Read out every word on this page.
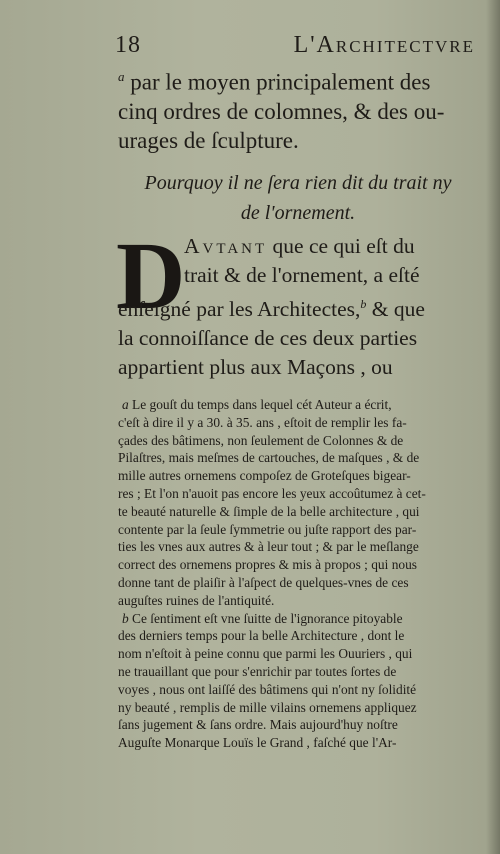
18	L'Architectvre
$^a$ par le moyen principalement des
cinq ordres de colomnes, & des ou-
urages de ſculpture.
Pourquoy il ne ſera rien dit du trait ny
de l'ornement.
D
Avtant que ce qui eſt du
trait & de l'ornement, a eſté
enſeigné par les Architectes,$^b$ & que
la connoiſſance de ces deux parties
appartient plus aux Maçons , ou
a Le gouſt du temps dans lequel cét Auteur a écrit,
c'eſt à dire il y a 30. à 35. ans , eſtoit de remplir les fa-
çades des bâtimens, non ſeulement de Colonnes & de
Pilaſtres, mais meſmes de cartouches, de maſques , & de
mille autres ornemens compoſez de Groteſques bigear-
res ; Et l'on n'auoit pas encore les yeux accoûtumez à cet-
te beauté naturelle & ſimple de la belle architecture , qui
contente par la ſeule ſymmetrie ou juſte rapport des par-
ties les vnes aux autres & à leur tout ; & par le meſlange
correct des ornemens propres & mis à propos ; qui nous
donne tant de plaiſir à l'aſpect de quelques-vnes de ces
auguſtes ruines de l'antiquité.
b Ce ſentiment eſt vne ſuitte de l'ignorance pitoyable
des derniers temps pour la belle Architecture , dont le
nom n'eſtoit à peine connu que parmi les Ouuriers , qui
ne trauaillant que pour s'enrichir par toutes ſortes de
voyes , nous ont laiſſé des bâtimens qui n'ont ny ſolidité
ny beauté , remplis de mille vilains ornemens appliquez
ſans jugement & ſans ordre. Mais aujourd'huy noſtre
Auguſte Monarque Louïs le Grand , faſché que l'Ar-
